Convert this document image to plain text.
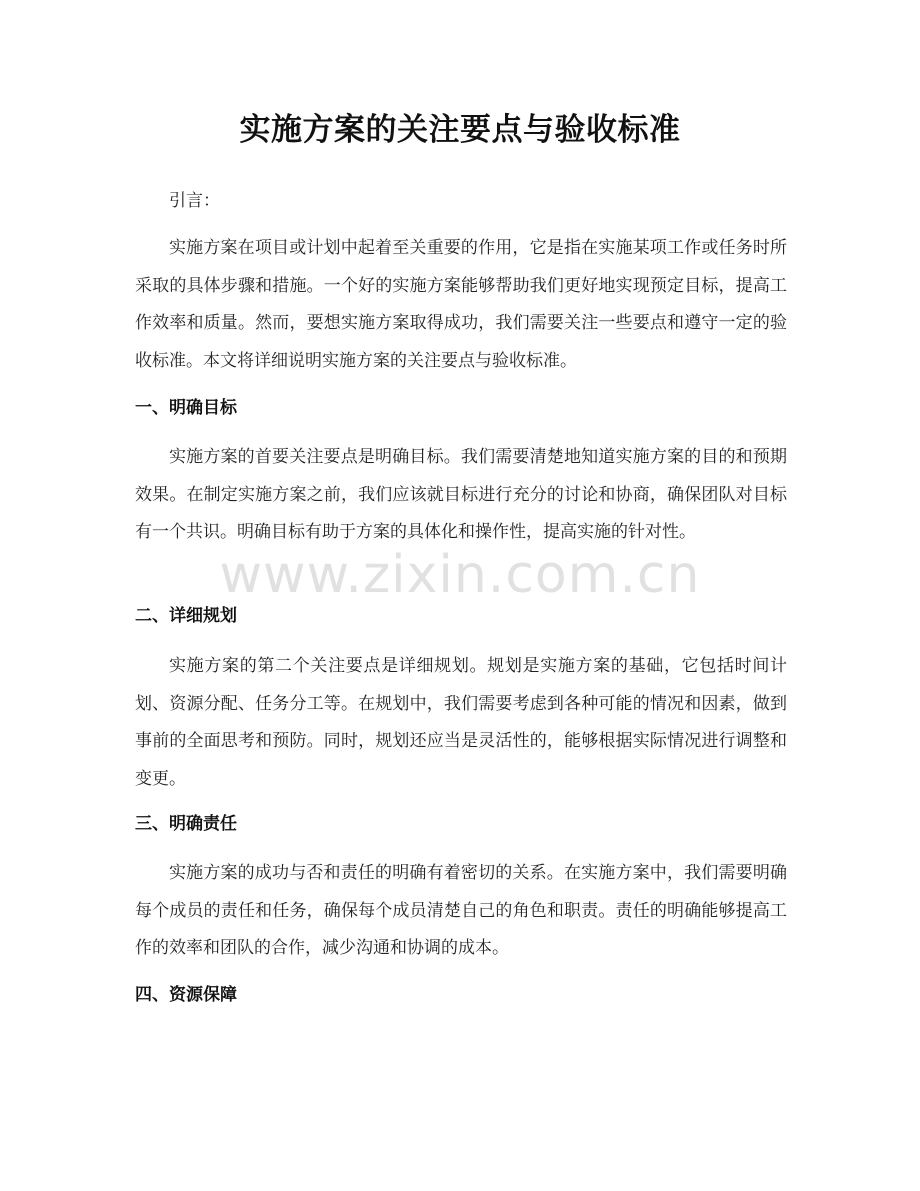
实施方案的关注要点与验收标准

引言：

实施方案在项目或计划中起着至关重要的作用，它是指在实施某项工作或任务时所采取的具体步骤和措施。一个好的实施方案能够帮助我们更好地实现预定目标，提高工作效率和质量。然而，要想实施方案取得成功，我们需要关注一些要点和遵守一定的验收标准。本文将详细说明实施方案的关注要点与验收标准。

一、明确目标

实施方案的首要关注要点是明确目标。我们需要清楚地知道实施方案的目的和预期效果。在制定实施方案之前，我们应该就目标进行充分的讨论和协商，确保团队对目标有一个共识。明确目标有助于方案的具体化和操作性，提高实施的针对性。

二、详细规划

实施方案的第二个关注要点是详细规划。规划是实施方案的基础，它包括时间计划、资源分配、任务分工等。在规划中，我们需要考虑到各种可能的情况和因素，做到事前的全面思考和预防。同时，规划还应当是灵活性的，能够根据实际情况进行调整和变更。

三、明确责任

实施方案的成功与否和责任的明确有着密切的关系。在实施方案中，我们需要明确每个成员的责任和任务，确保每个成员清楚自己的角色和职责。责任的明确能够提高工作的效率和团队的合作，减少沟通和协调的成本。

四、资源保障
www.zixin.com.cn
